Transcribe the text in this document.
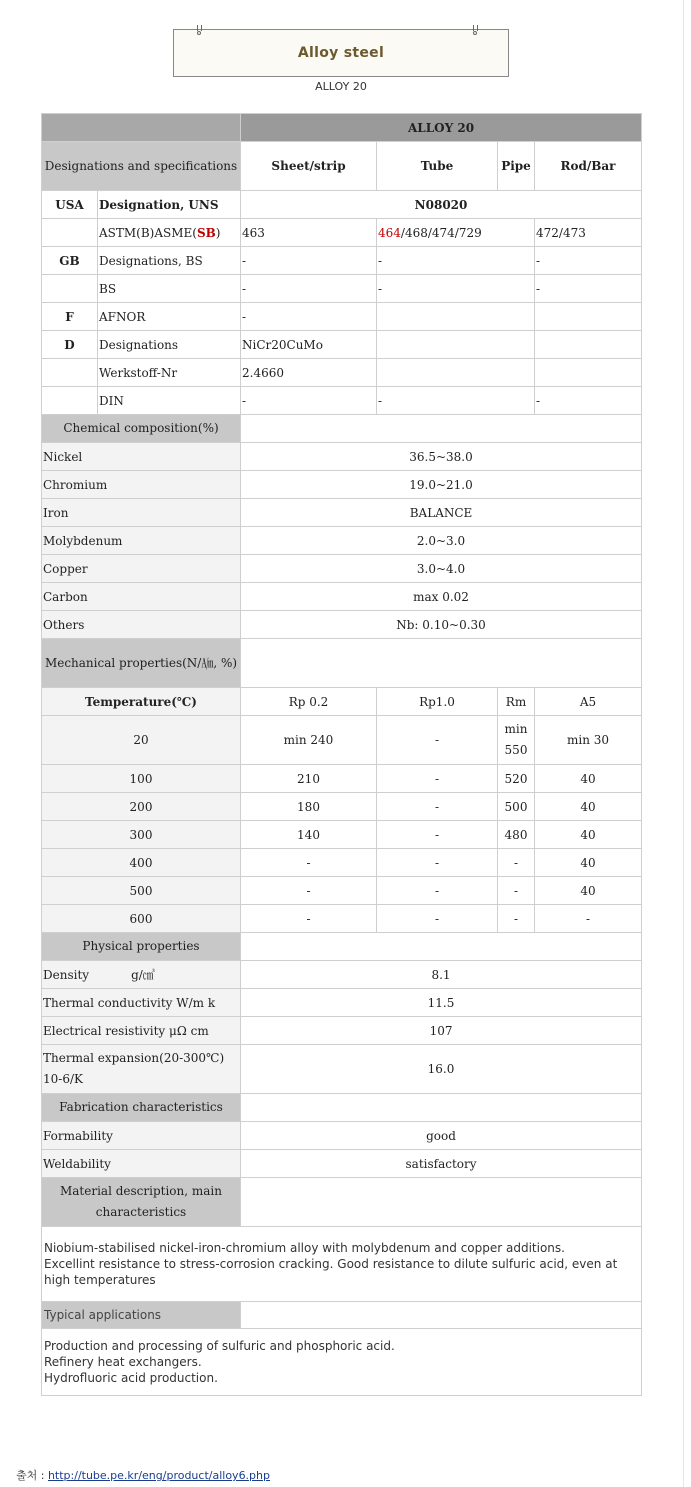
Alloy steel
ALLOY 20
		ALLOY 20			
Designations and specifications		Sheet/strip	Tube	Pipe	Rod/Bar
USA	Designation, UNS	N08020			
	ASTM(B)ASME(SB)	463	464/468/474/729		472/473
GB	Designations, BS	-	-		-
	BS	-	-		-
F	AFNOR	-			
D	Designations	NiCr20CuMo			
	Werkstoff-Nr	2.4660			
	DIN	-	-		-
Chemical composition(%)					
Nickel		36.5~38.0			
Chromium		19.0~21.0			
Iron		BALANCE			
Molybdenum		2.0~3.0			
Copper		3.0~4.0			
Carbon		max 0.02			
Others		Nb: 0.10~0.30			
Mechanical properties(N/㏟, %)					
Temperature(℃)		Rp 0.2	Rp1.0	Rm	A5
20		min 240	-	min 550	min 30
100		210	-	520	40
200		180	-	500	40
300		140	-	480	40
400		-	-	-	40
500		-	-	-	40
600		-	-	-	-
Physical properties					
Density g/㎤		8.1			
Thermal conductivity W/m k		11.5			
Electrical resistivity μΩ cm		107			
Thermal expansion(20-300℃) 10-6/K		16.0			
Fabrication characteristics					
Formability		good			
Weldability		satisfactory			
Material description, main characteristics					

Niobium-stabilised nickel-iron-chromium alloy with molybdenum and copper additions.
Excellint resistance to stress-corrosion cracking. Good resistance to dilute sulfuric acid, even at high temperatures					

Typical applications					

Production and processing of sulfuric and phosphoric acid.
Refinery heat exchangers.
Hydrofluoric acid production.					
출처 : http://tube.pe.kr/eng/product/alloy6.php
